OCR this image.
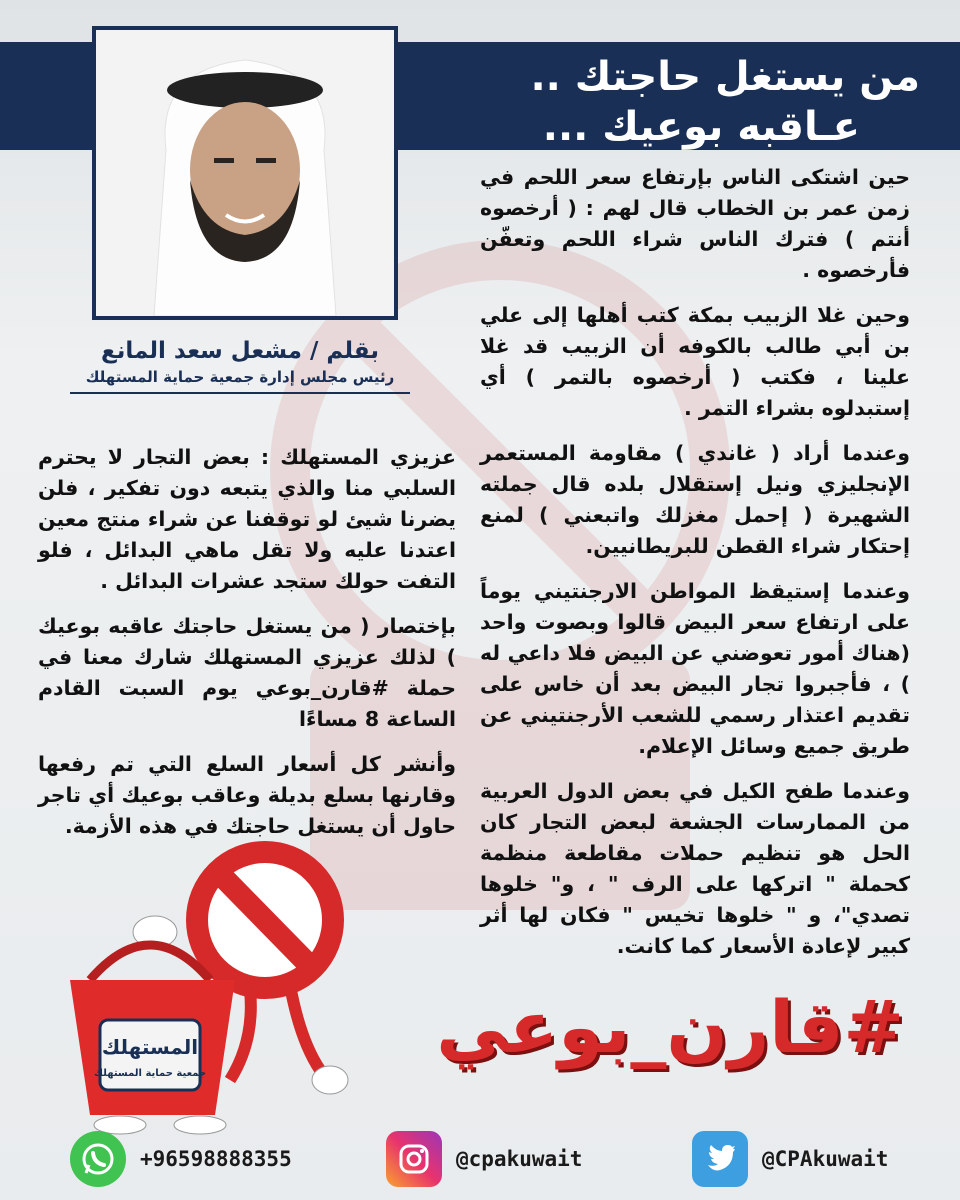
من يستغل حاجتك ..
عـاقبه بوعيك ...
بقلم / مشعل سعد المانع
رئيس مجلس إدارة جمعية حماية المستهلك

حين اشتكى الناس بإرتفاع سعر اللحم في زمن عمر بن الخطاب قال لهم : ( أرخصوه أنتم ) فترك الناس شراء اللحم وتعفّن فأرخصوه .

وحين غلا الزبيب بمكة كتب أهلها إلى علي بن أبي طالب بالكوفه أن الزبيب قد غلا علينا ، فكتب ( أرخصوه بالتمر ) أي إستبدلوه بشراء التمر .

وعندما أراد ( غاندي ) مقاومة المستعمر الإنجليزي ونيل إستقلال بلده قال جملته الشهيرة ( إحمل مغزلك واتبعني ) لمنع إحتكار شراء القطن للبريطانيين.

وعندما إستيقظ المواطن الارجنتيني يوماً على ارتفاع سعر البيض قالوا وبصوت واحد (هناك أمور تعوضني عن البيض فلا داعي له ) ، فأجبروا تجار البيض بعد أن خاس على تقديم اعتذار رسمي للشعب الأرجنتيني عن طريق جميع وسائل الإعلام.

وعندما طفح الكيل في بعض الدول العربية من الممارسات الجشعة لبعض التجار كان الحل هو تنظيم حملات مقاطعة منظمة كحملة " اتركها على الرف " ، و" خلوها تصدي"، و " خلوها تخيس " فكان لها أثر كبير لإعادة الأسعار كما كانت.

عزيزي المستهلك : بعض التجار لا يحترم السلبي منا والذي يتبعه دون تفكير ، فلن يضرنا شيئ لو توقفنا عن شراء منتج معين اعتدنا عليه ولا تقل ماهي البدائل ، فلو التفت حولك ستجد عشرات البدائل .

بإختصار ( من يستغل حاجتك عاقبه بوعيك ) لذلك عزيزي المستهلك شارك معنا في حملة #قارن_بوعي يوم السبت القادم الساعة 8 مساءًا

وأنشر كل أسعار السلع التي تم رفعها وقارنها بسلع بديلة وعاقب بوعيك أي تاجر حاول أن يستغل حاجتك في هذه الأزمة.

المستهلك
جمعية حماية المستهلك
#قارن_بوعي
+96598888355	@cpakuwait	@CPAkuwait
